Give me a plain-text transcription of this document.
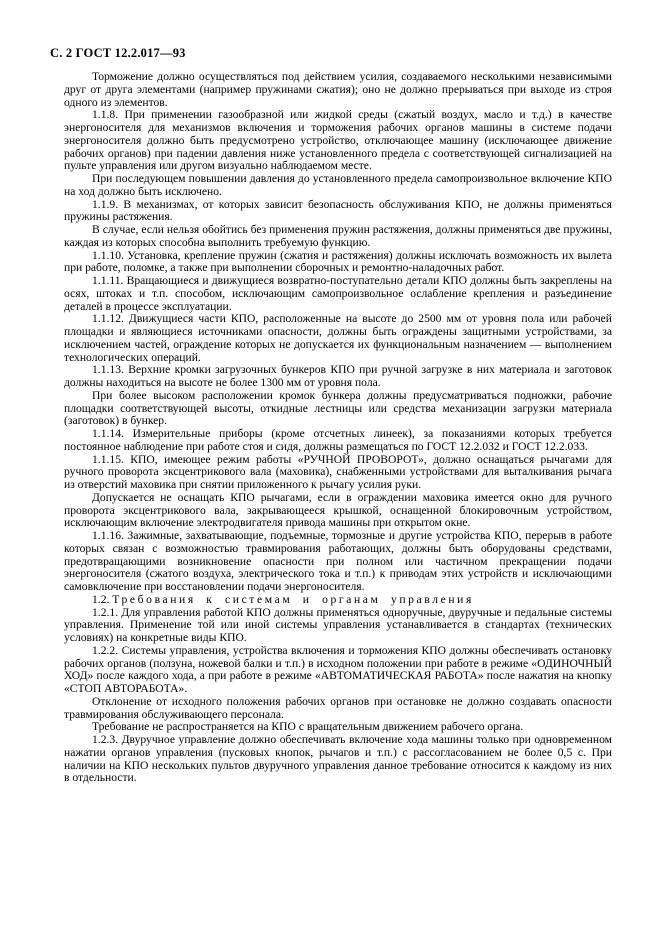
С. 2 ГОСТ 12.2.017—93

Торможение должно осуществляться под действием усилия, создаваемого несколькими независимыми друг от друга элементами (например пружинами сжатия); оно не должно прерываться при выходе из строя одного из элементов.

1.1.8. При применении газообразной или жидкой среды (сжатый воздух, масло и т.д.) в качестве энергоносителя для механизмов включения и торможения рабочих органов машины в системе подачи энергоносителя должно быть предусмотрено устройство, отключающее машину (исключающее движение рабочих органов) при падении давления ниже установленного предела с соответствующей сигнализацией на пульте управления или другом визуально наблюдаемом месте.

При последующем повышении давления до установленного предела самопроизвольное включение КПО на ход должно быть исключено.

1.1.9. В механизмах, от которых зависит безопасность обслуживания КПО, не должны применяться пружины растяжения.

В случае, если нельзя обойтись без применения пружин растяжения, должны применяться две пружины, каждая из которых способна выполнить требуемую функцию.

1.1.10. Установка, крепление пружин (сжатия и растяжения) должны исключать возможность их вылета при работе, поломке, а также при выполнении сборочных и ремонтно-наладочных работ.

1.1.11. Вращающиеся и движущиеся возвратно-поступательно детали КПО должны быть закреплены на осях, штоках и т.п. способом, исключающим самопроизвольное ослабление крепления и разъединение деталей в процессе эксплуатации.

1.1.12. Движущиеся части КПО, расположенные на высоте до 2500 мм от уровня пола или рабочей площадки и являющиеся источниками опасности, должны быть ограждены защитными устройствами, за исключением частей, ограждение которых не допускается их функциональным назначением — выполнением технологических операций.

1.1.13. Верхние кромки загрузочных бункеров КПО при ручной загрузке в них материала и заготовок должны находиться на высоте не более 1300 мм от уровня пола.

При более высоком расположении кромок бункера должны предусматриваться подножки, рабочие площадки соответствующей высоты, откидные лестницы или средства механизации загрузки материала (заготовок) в бункер.

1.1.14. Измерительные приборы (кроме отсчетных линеек), за показаниями которых требуется постоянное наблюдение при работе стоя и сидя, должны размещаться по ГОСТ 12.2.032 и ГОСТ 12.2.033.

1.1.15. КПО, имеющее режим работы «РУЧНОЙ ПРОВОРОТ», должно оснащаться рычагами для ручного проворота эксцентрикового вала (маховика), снабженными устройствами для выталкивания рычага из отверстий маховика при снятии приложенного к рычагу усилия руки.

Допускается не оснащать КПО рычагами, если в ограждении маховика имеется окно для ручного проворота эксцентрикового вала, закрывающееся крышкой, оснащенной блокировочным устройством, исключающим включение электродвигателя привода машины при открытом окне.

1.1.16. Зажимные, захватывающие, подъемные, тормозные и другие устройства КПО, перерыв в работе которых связан с возможностью травмирования работающих, должны быть оборудованы средствами, предотвращающими возникновение опасности при полном или частичном прекращении подачи энергоносителя (сжатого воздуха, электрического тока и т.п.) к приводам этих устройств и исключающими самовключение при восстановлении подачи энергоносителя.

1.2. Требования к системам и органам управления

1.2.1. Для управления работой КПО должны применяться одноручные, двуручные и педальные системы управления. Применение той или иной системы управления устанавливается в стандартах (технических условиях) на конкретные виды КПО.

1.2.2. Системы управления, устройства включения и торможения КПО должны обеспечивать остановку рабочих органов (ползуна, ножевой балки и т.п.) в исходном положении при работе в режиме «ОДИНОЧНЫЙ ХОД» после каждого хода, а при работе в режиме «АВТОМАТИЧЕСКАЯ РАБОТА» после нажатия на кнопку «СТОП АВТОРАБОТА».

Отклонение от исходного положения рабочих органов при остановке не должно создавать опасности травмирования обслуживающего персонала.

Требование не распространяется на КПО с вращательным движением рабочего органа.

1.2.3. Двуручное управление должно обеспечивать включение хода машины только при одновременном нажатии органов управления (пусковых кнопок, рычагов и т.п.) с рассогласованием не более 0,5 с. При наличии на КПО нескольких пультов двуручного управления данное требование относится к каждому из них в отдельности.
